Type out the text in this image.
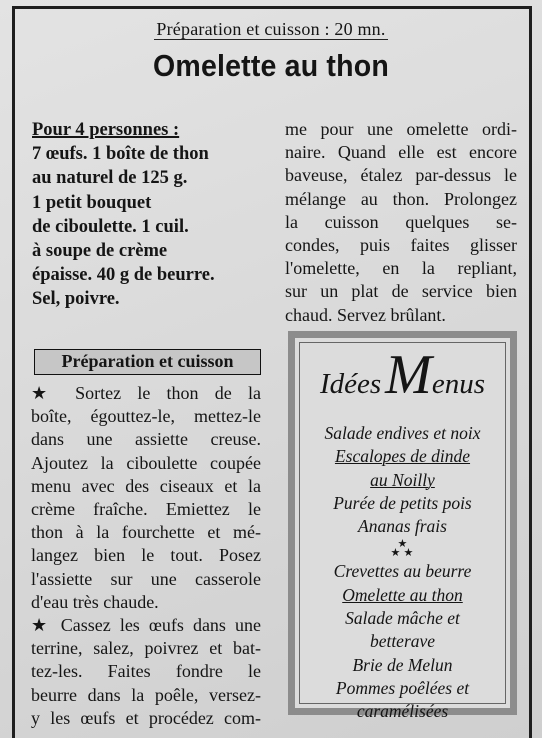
Préparation et cuisson : 20 mn.
Omelette au thon
Pour 4 personnes :
7 œufs. 1 boîte de thon
au naturel de 125 g.
1 petit bouquet
de ciboulette. 1 cuil.
à soupe de crème
épaisse. 40 g de beurre.
Sel, poivre.
Préparation et cuisson
★ Sortez le thon de la
boîte, égouttez-le, mettez-le
dans une assiette creuse.
Ajoutez la ciboulette coupée
menu avec des ciseaux et la
crème fraîche. Emiettez le
thon à la fourchette et mé-
langez bien le tout. Posez
l'assiette sur une casserole
d'eau très chaude.
★ Cassez les œufs dans une
terrine, salez, poivrez et bat-
tez-les. Faites fondre le
beurre dans la poêle, versez-
y les œufs et procédez com-
me pour une omelette ordi-
naire. Quand elle est encore
baveuse, étalez par-dessus le
mélange au thon. Prolongez
la cuisson quelques se-
condes, puis faites glisser
l'omelette, en la repliant,
sur un plat de service bien
chaud. Servez brûlant.
IdéesMenus
Salade endives et noix
Escalopes de dinde
au Noilly
Purée de petits pois
Ananas frais
★
★ ★
Crevettes au beurre
Omelette au thon
Salade mâche et
betterave
Brie de Melun
Pommes poêlées et
caramélisées
